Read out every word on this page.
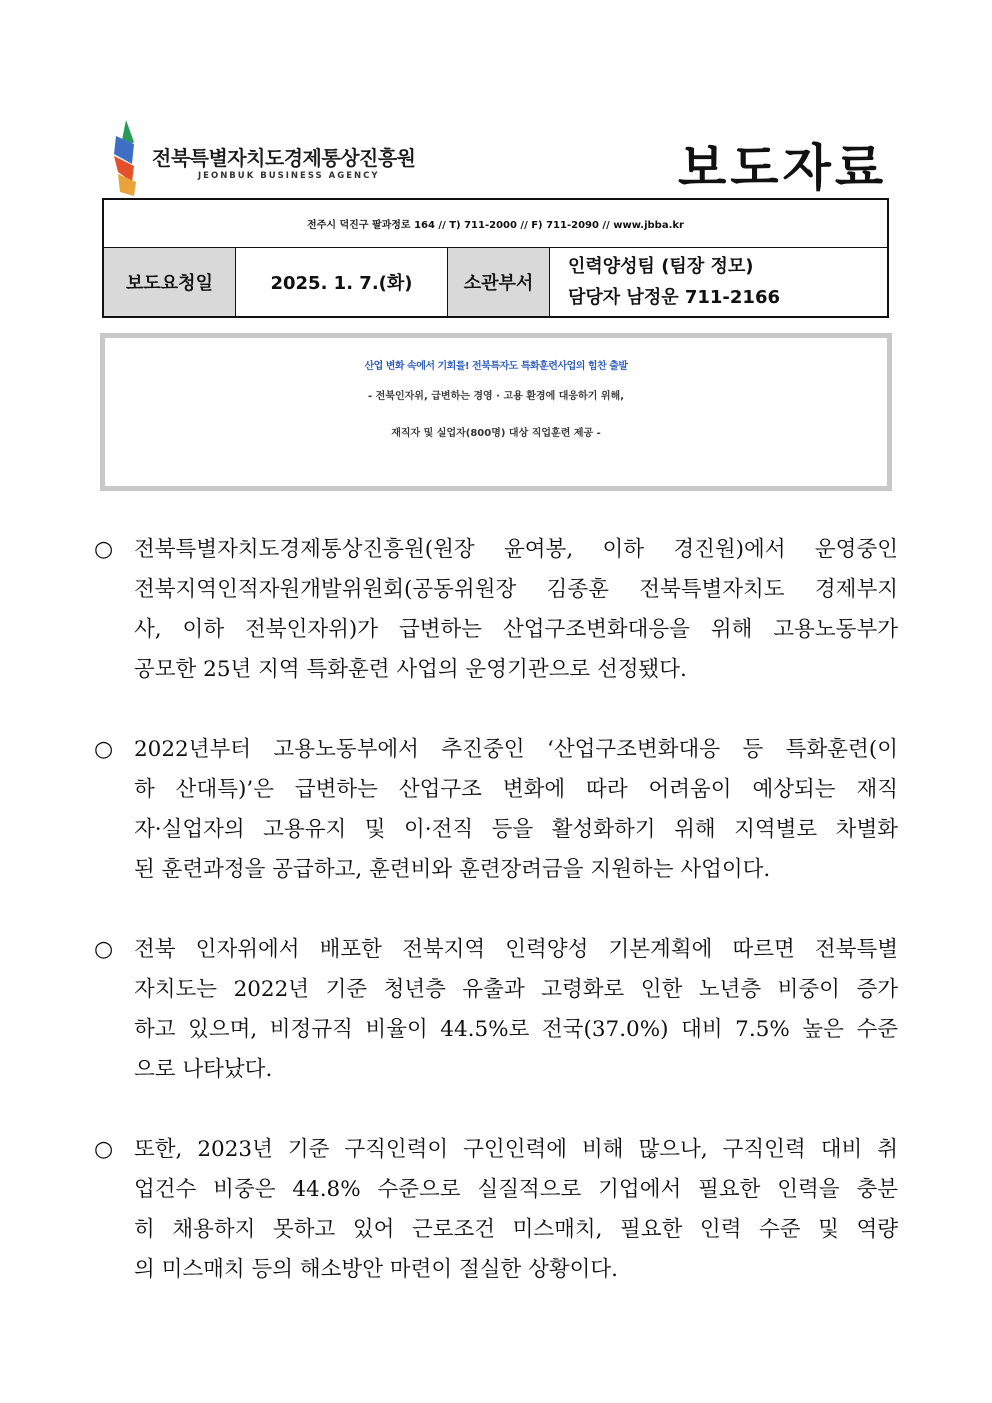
전북특별자치도경제통상진흥원
JEONBUK BUSINESS AGENCY	보도자료
전주시 덕진구 팔과정로 164 // T) 711-2000 // F) 711-2090 // www.jbba.kr
보도요청일	2025. 1. 7.(화)	소관부서
인력양성팀 (팀장 정모)
담당자 남정운 711-2166
산업 변화 속에서 기회를! 전북특자도 특화훈련사업의 힘찬 출발
- 전북인자위, 급변하는 경영 · 고용 환경에 대응하기 위해,
재직자 및 실업자(800명) 대상 직업훈련 제공 -
○ 전북특별자치도경제통상진흥원(원장 윤여봉, 이하 경진원)에서 운영중인
전북지역인적자원개발위원회(공동위원장 김종훈 전북특별자치도 경제부지
사, 이하 전북인자위)가 급변하는 산업구조변화대응을 위해 고용노동부가
공모한 25년 지역 특화훈련 사업의 운영기관으로 선정됐다.
○ 2022년부터 고용노동부에서 추진중인 ‘산업구조변화대응 등 특화훈련(이
하 산대특)’은 급변하는 산업구조 변화에 따라 어려움이 예상되는 재직
자·실업자의 고용유지 및 이·전직 등을 활성화하기 위해 지역별로 차별화
된 훈련과정을 공급하고, 훈련비와 훈련장려금을 지원하는 사업이다.
○ 전북 인자위에서 배포한 전북지역 인력양성 기본계획에 따르면 전북특별
자치도는 2022년 기준 청년층 유출과 고령화로 인한 노년층 비중이 증가
하고 있으며, 비정규직 비율이 44.5%로 전국(37.0%) 대비 7.5% 높은 수준
으로 나타났다.
○ 또한, 2023년 기준 구직인력이 구인인력에 비해 많으나, 구직인력 대비 취
업건수 비중은 44.8% 수준으로 실질적으로 기업에서 필요한 인력을 충분
히 채용하지 못하고 있어 근로조건 미스매치, 필요한 인력 수준 및 역량
의 미스매치 등의 해소방안 마련이 절실한 상황이다.
